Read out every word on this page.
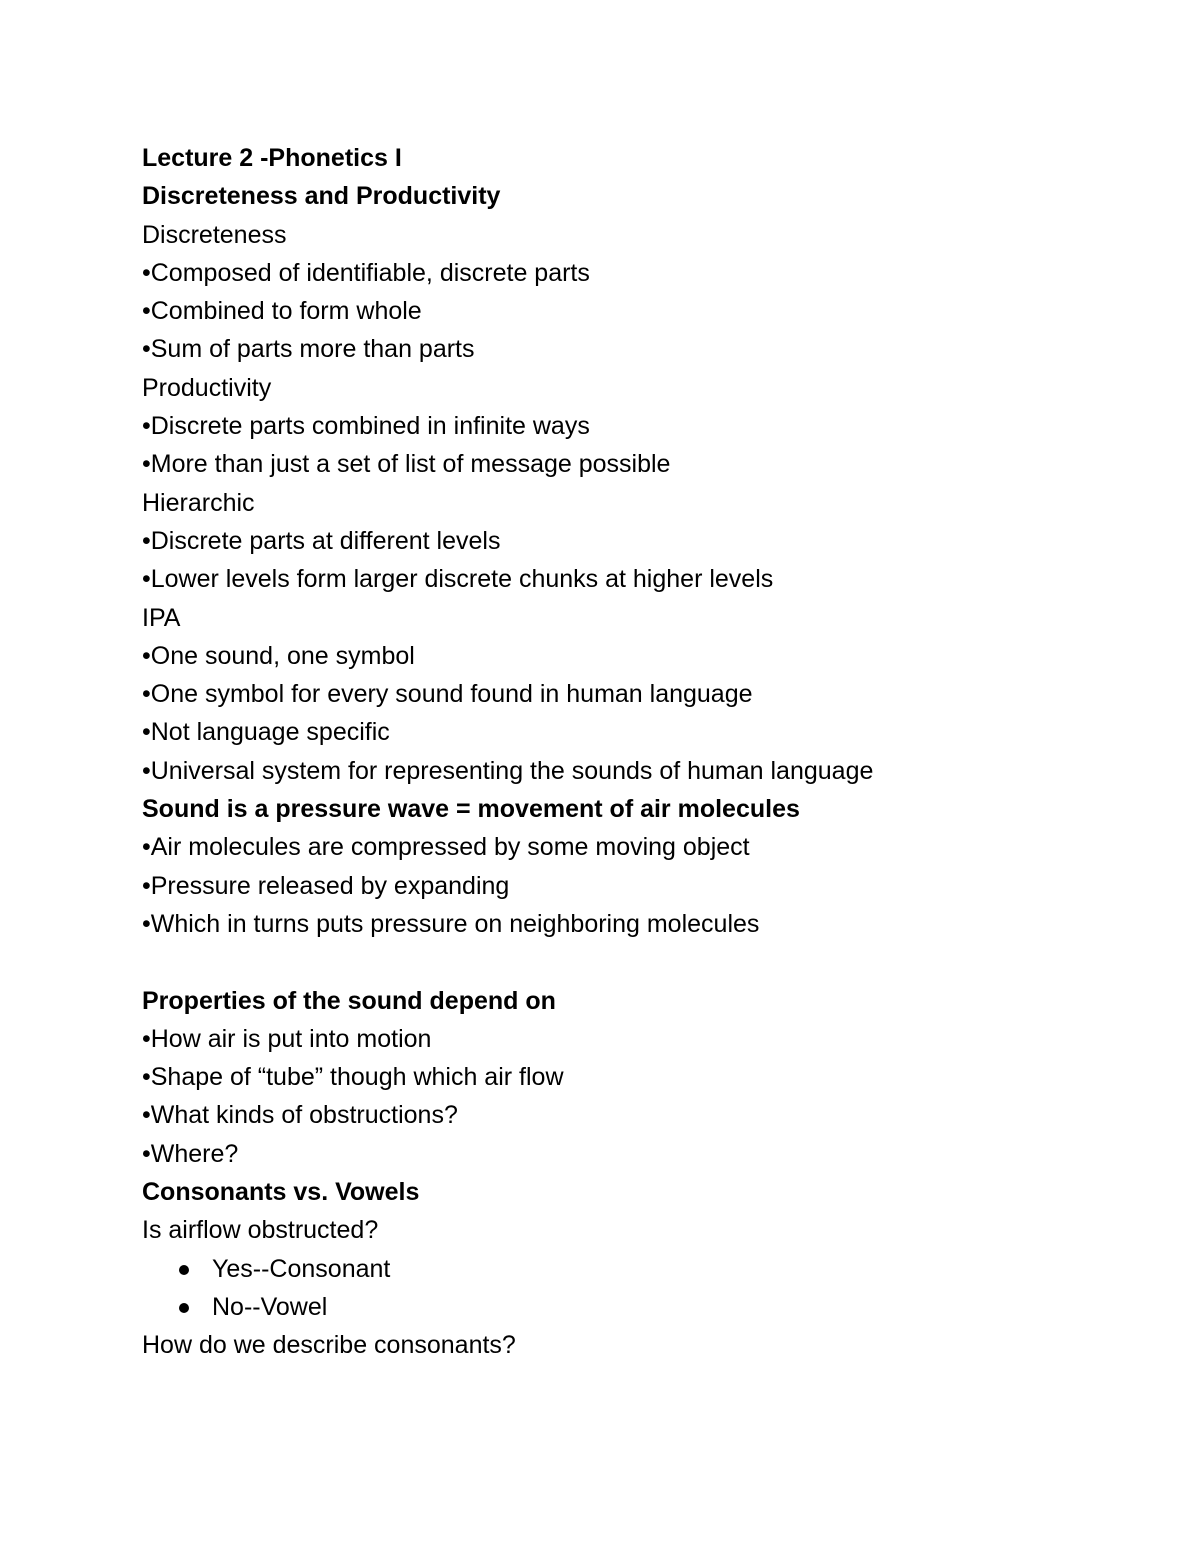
Lecture 2 -Phonetics I
Discreteness and Productivity
Discreteness
•Composed of identifiable, discrete parts
•Combined to form whole
•Sum of parts more than parts
Productivity
•Discrete parts combined in infinite ways
•More than just a set of list of message possible
Hierarchic
•Discrete parts at different levels
•Lower levels form larger discrete chunks at higher levels
IPA
•One sound, one symbol
•One symbol for every sound found in human language
•Not language specific
•Universal system for representing the sounds of human language
Sound is a pressure wave = movement of air molecules
•Air molecules are compressed by some moving object
•Pressure released by expanding
•Which in turns puts pressure on neighboring molecules
Properties of the sound depend on
•How air is put into motion
•Shape of “tube” though which air flow
•What kinds of obstructions?
•Where?
Consonants vs. Vowels
Is airflow obstructed?
Yes--Consonant
No--Vowel
How do we describe consonants?
